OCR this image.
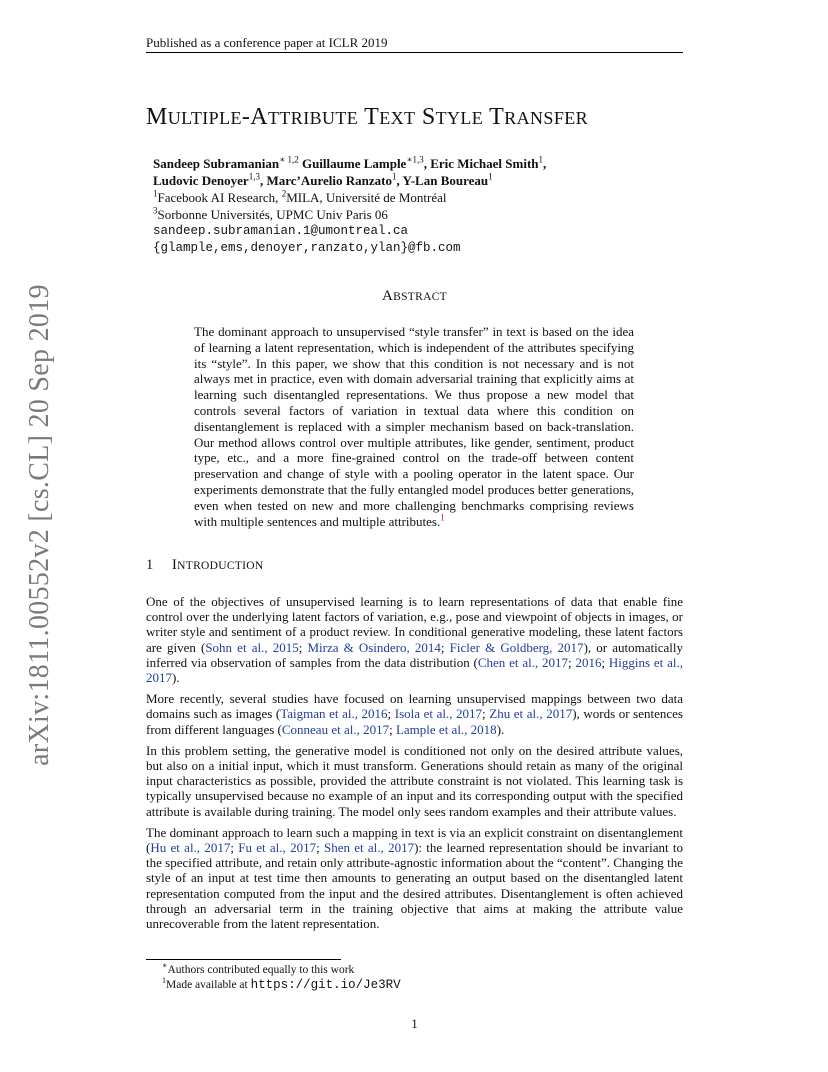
Published as a conference paper at ICLR 2019
arXiv:1811.00552v2 [cs.CL] 20 Sep 2019
MULTIPLE-ATTRIBUTE TEXT STYLE TRANSFER
Sandeep Subramanian$^{∗ 1,2}$ Guillaume Lample$^{∗1,3}$, Eric Michael Smith$^1$,
Ludovic Denoyer$^{1,3}$, Marc’Aurelio Ranzato$^1$, Y-Lan Boureau$^1$
$^1$Facebook AI Research, $^2$MILA, Université de Montréal
$^3$Sorbonne Universités, UPMC Univ Paris 06
sandeep.subramanian.1@umontreal.ca
{glample,ems,denoyer,ranzato,ylan}@fb.com
ABSTRACT
The dominant approach to unsupervised “style transfer” in text is based on the idea of learning a latent representation, which is independent of the attributes specifying its “style”. In this paper, we show that this condition is not necessary and is not always met in practice, even with domain adversarial training that explicitly aims at learning such disentangled representations. We thus propose a new model that controls several factors of variation in textual data where this condition on disentanglement is replaced with a simpler mechanism based on back-translation. Our method allows control over multiple attributes, like gender, sentiment, product type, etc., and a more fine-grained control on the trade-off between content preservation and change of style with a pooling operator in the latent space. Our experiments demonstrate that the fully entangled model produces better generations, even when tested on new and more challenging benchmarks comprising reviews with multiple sentences and multiple attributes.$^1$
1 INTRODUCTION

One of the objectives of unsupervised learning is to learn representations of data that enable fine control over the underlying latent factors of variation, e.g., pose and viewpoint of objects in images, or writer style and sentiment of a product review. In conditional generative modeling, these latent factors are given (Sohn et al., 2015; Mirza & Osindero, 2014; Ficler & Goldberg, 2017), or automatically inferred via observation of samples from the data distribution (Chen et al., 2017; 2016; Higgins et al., 2017).

More recently, several studies have focused on learning unsupervised mappings between two data domains such as images (Taigman et al., 2016; Isola et al., 2017; Zhu et al., 2017), words or sentences from different languages (Conneau et al., 2017; Lample et al., 2018).

In this problem setting, the generative model is conditioned not only on the desired attribute values, but also on a initial input, which it must transform. Generations should retain as many of the original input characteristics as possible, provided the attribute constraint is not violated. This learning task is typically unsupervised because no example of an input and its corresponding output with the specified attribute is available during training. The model only sees random examples and their attribute values.

The dominant approach to learn such a mapping in text is via an explicit constraint on disentanglement (Hu et al., 2017; Fu et al., 2017; Shen et al., 2017): the learned representation should be invariant to the specified attribute, and retain only attribute-agnostic information about the “content”. Changing the style of an input at test time then amounts to generating an output based on the disentangled latent representation computed from the input and the desired attributes. Disentanglement is often achieved through an adversarial term in the training objective that aims at making the attribute value unrecoverable from the latent representation.

∗Authors contributed equally to this work
$^1$Made available at https://git.io/Je3RV
1
